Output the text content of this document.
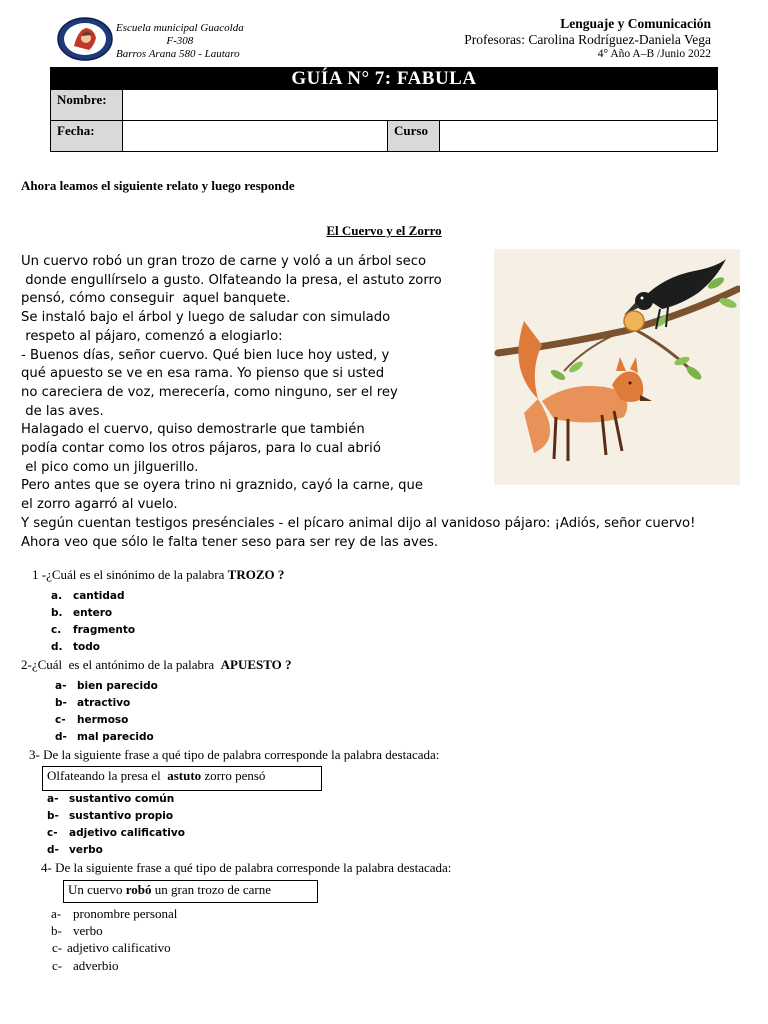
Escuela municipal Guacolda
F-308
Barros Arana 580 - Lautaro
Lenguaje y Comunicación
Profesoras: Carolina Rodríguez-Daniela Vega
4° Año A–B /Junio 2022
GUÍA N° 7: FABULA
Nombre:
Fecha:	Curso
Ahora leamos el siguiente relato y luego responde
El Cuervo y el Zorro
Un cuervo robó un gran trozo de carne y voló a un árbol seco
donde engullírselo a gusto. Olfateando la presa, el astuto zorro
pensó, cómo conseguir  aquel banquete.
Se instaló bajo el árbol y luego de saludar con simulado
respeto al pájaro, comenzó a elogiarlo:
- Buenos días, señor cuervo. Qué bien luce hoy usted, y
qué apuesto se ve en esa rama. Yo pienso que si usted
no careciera de voz, merecería, como ninguno, ser el rey
de las aves.
Halagado el cuervo, quiso demostrarle que también
podía contar como los otros pájaros, para lo cual abrió
el pico como un jilguerillo.
Pero antes que se oyera trino ni graznido, cayó la carne, que
el zorro agarró al vuelo.
Y según cuentan testigos presénciales - el pícaro animal dijo al vanidoso pájaro: ¡Adiós, señor cuervo!
Ahora veo que sólo le falta tener seso para ser rey de las aves.
1 -¿Cuál es el sinónimo de la palabra TROZO ?
a. cantidad
b. entero
c. fragmento
d. todo
2-¿Cuál  es el antónimo de la palabra  APUESTO ?
a- bien parecido
b- atractivo
c- hermoso
d- mal parecido
3- De la siguiente frase a qué tipo de palabra corresponde la palabra destacada:
Olfateando la presa el  astuto zorro pensó
a- sustantivo común
b- sustantivo propio
c- adjetivo calificativo
d- verbo
4- De la siguiente frase a qué tipo de palabra corresponde la palabra destacada:
Un cuervo robó un gran trozo de carne
a- pronombre personal
b- verbo
c- adjetivo calificativo
c- adverbio
